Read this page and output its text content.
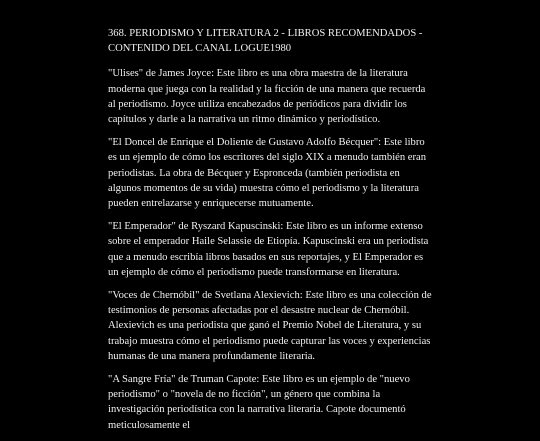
368. PERIODISMO Y LITERATURA 2 - LIBROS RECOMENDADOS - CONTENIDO DEL CANAL LOGUE1980

"Ulises" de James Joyce: Este libro es una obra maestra de la literatura moderna que juega con la realidad y la ficción de una manera que recuerda al periodismo. Joyce utiliza encabezados de periódicos para dividir los capítulos y darle a la narrativa un ritmo dinámico y periodístico.

"El Doncel de Enrique el Doliente de Gustavo Adolfo Bécquer": Este libro es un ejemplo de cómo los escritores del siglo XIX a menudo también eran periodistas. La obra de Bécquer y Espronceda (también periodista en algunos momentos de su vida) muestra cómo el periodismo y la literatura pueden entrelazarse y enriquecerse mutuamente.

"El Emperador" de Ryszard Kapuscinski: Este libro es un informe extenso sobre el emperador Haile Selassie de Etiopía. Kapuscinski era un periodista que a menudo escribía libros basados en sus reportajes, y El Emperador es un ejemplo de cómo el periodismo puede transformarse en literatura.

"Voces de Chernóbil" de Svetlana Alexievich: Este libro es una colección de testimonios de personas afectadas por el desastre nuclear de Chernóbil. Alexievich es una periodista que ganó el Premio Nobel de Literatura, y su trabajo muestra cómo el periodismo puede capturar las voces y experiencias humanas de una manera profundamente literaria.

"A Sangre Fría" de Truman Capote: Este libro es un ejemplo de "nuevo periodismo" o "novela de no ficción", un género que combina la investigación periodística con la narrativa literaria. Capote documentó meticulosamente el
